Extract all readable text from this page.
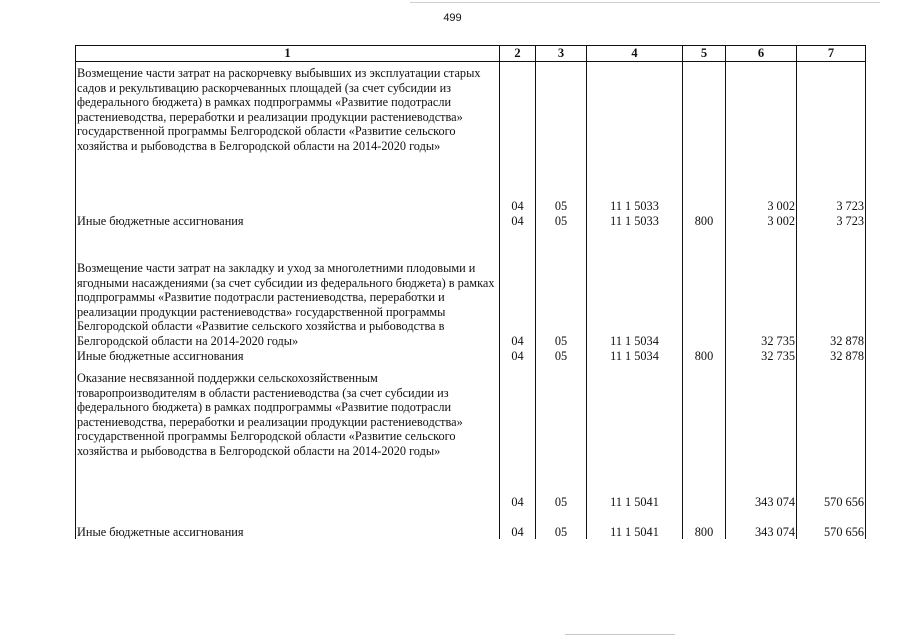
499
1	2	3	4	5	6	7
Возмещение части затрат на раскорчевку выбывших из эксплуатации старых садов и рекультивацию раскорчеванных площадей (за счет субсидии из федерального бюджета) в рамках подпрограммы «Развитие подотрасли растениеводства, переработки и реализации продукции растениеводства» государственной программы Белгородской области «Развитие сельского хозяйства и рыбоводства в Белгородской области на 2014-2020 годы»	04	05	11 1 5033		3 002	3 723
Иные бюджетные ассигнования	04	05	11 1 5033	800	3 002	3 723
Возмещение части затрат на закладку и уход за многолетними плодовыми и ягодными насаждениями (за счет субсидии из федерального бюджета) в рамках подпрограммы «Развитие подотрасли растениеводства, переработки и реализации продукции растениеводства» государственной программы Белгородской области «Развитие сельского хозяйства и рыбоводства в Белгородской области на 2014-2020 годы»	04	05	11 1 5034		32 735	32 878
Иные бюджетные ассигнования	04	05	11 1 5034	800	32 735	32 878
Оказание несвязанной поддержки сельскохозяйственным товаропроизводителям в области растениеводства (за счет субсидии из федерального бюджета) в рамках подпрограммы «Развитие подотрасли растениеводства, переработки и реализации продукции растениеводства» государственной программы Белгородской области «Развитие сельского хозяйства и рыбоводства в Белгородской области на 2014-2020 годы»	04	05	11 1 5041		343 074	570 656
Иные бюджетные ассигнования	04	05	11 1 5041	800	343 074	570 656
